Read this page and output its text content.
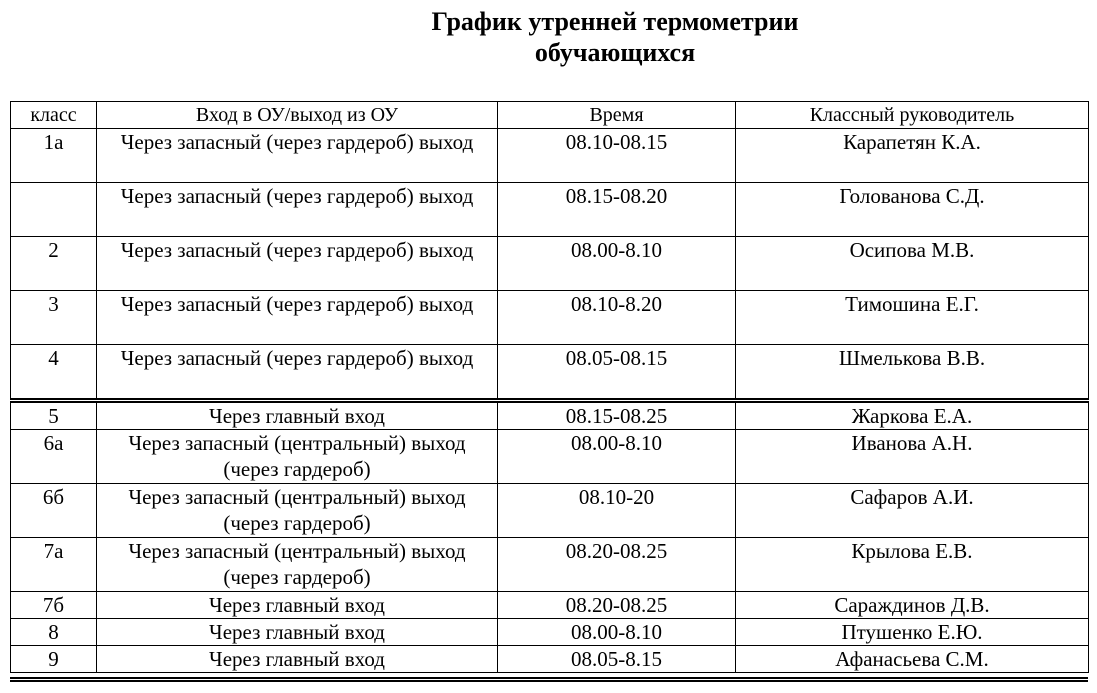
График утренней термометрии
обучающихся
класс	Вход в ОУ/выход из ОУ	Время	Классный руководитель
1а	Через запасный (через гардероб) выход	08.10-08.15	Карапетян К.А.
	Через запасный (через гардероб) выход	08.15-08.20	Голованова С.Д.
2	Через запасный (через гардероб) выход	08.00-8.10	Осипова М.В.
3	Через запасный (через гардероб) выход	08.10-8.20	Тимошина Е.Г.
4	Через запасный (через гардероб) выход	08.05-08.15	Шмелькова В.В.
5	Через главный вход	08.15-08.25	Жаркова Е.А.
6а	Через запасный (центральный) выход (через гардероб)	08.00-8.10	Иванова А.Н.
6б	Через запасный (центральный) выход (через гардероб)	08.10-20	Сафаров А.И.
7а	Через запасный (центральный) выход (через гардероб)	08.20-08.25	Крылова Е.В.
7б	Через главный вход	08.20-08.25	Сараждинов Д.В.
8	Через главный вход	08.00-8.10	Птушенко Е.Ю.
9	Через главный вход	08.05-8.15	Афанасьева С.М.
